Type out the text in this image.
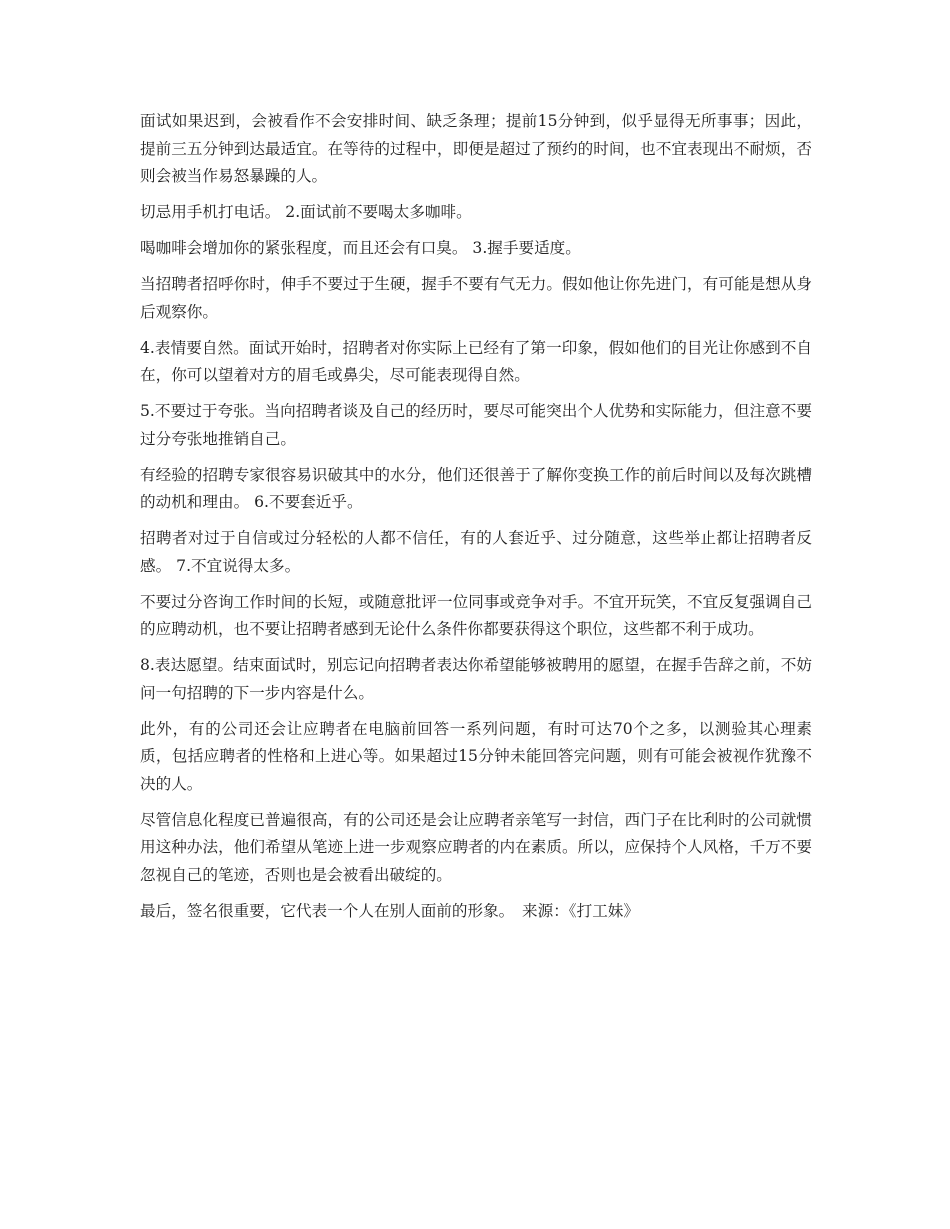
面试如果迟到，会被看作不会安排时间、缺乏条理；提前15分钟到，似乎显得无所事事；因此，提前三五分钟到达最适宜。在等待的过程中，即便是超过了预约的时间，也不宜表现出不耐烦，否则会被当作易怒暴躁的人。

切忌用手机打电话。 2.面试前不要喝太多咖啡。

喝咖啡会增加你的紧张程度，而且还会有口臭。 3.握手要适度。

当招聘者招呼你时，伸手不要过于生硬，握手不要有气无力。假如他让你先进门，有可能是想从身后观察你。

4.表情要自然。面试开始时，招聘者对你实际上已经有了第一印象，假如他们的目光让你感到不自在，你可以望着对方的眉毛或鼻尖，尽可能表现得自然。

5.不要过于夸张。当向招聘者谈及自己的经历时，要尽可能突出个人优势和实际能力，但注意不要过分夸张地推销自己。

有经验的招聘专家很容易识破其中的水分，他们还很善于了解你变换工作的前后时间以及每次跳槽的动机和理由。 6.不要套近乎。

招聘者对过于自信或过分轻松的人都不信任，有的人套近乎、过分随意，这些举止都让招聘者反感。 7.不宜说得太多。

不要过分咨询工作时间的长短，或随意批评一位同事或竞争对手。不宜开玩笑，不宜反复强调自己的应聘动机，也不要让招聘者感到无论什么条件你都要获得这个职位，这些都不利于成功。

8.表达愿望。结束面试时，别忘记向招聘者表达你希望能够被聘用的愿望，在握手告辞之前，不妨问一句招聘的下一步内容是什么。

此外，有的公司还会让应聘者在电脑前回答一系列问题，有时可达70个之多，以测验其心理素质，包括应聘者的性格和上进心等。如果超过15分钟未能回答完问题，则有可能会被视作犹豫不决的人。

尽管信息化程度已普遍很高，有的公司还是会让应聘者亲笔写一封信，西门子在比利时的公司就惯用这种办法，他们希望从笔迹上进一步观察应聘者的内在素质。所以，应保持个人风格，千万不要忽视自己的笔迹，否则也是会被看出破绽的。

最后，签名很重要，它代表一个人在别人面前的形象。　来源：《打工妹》
